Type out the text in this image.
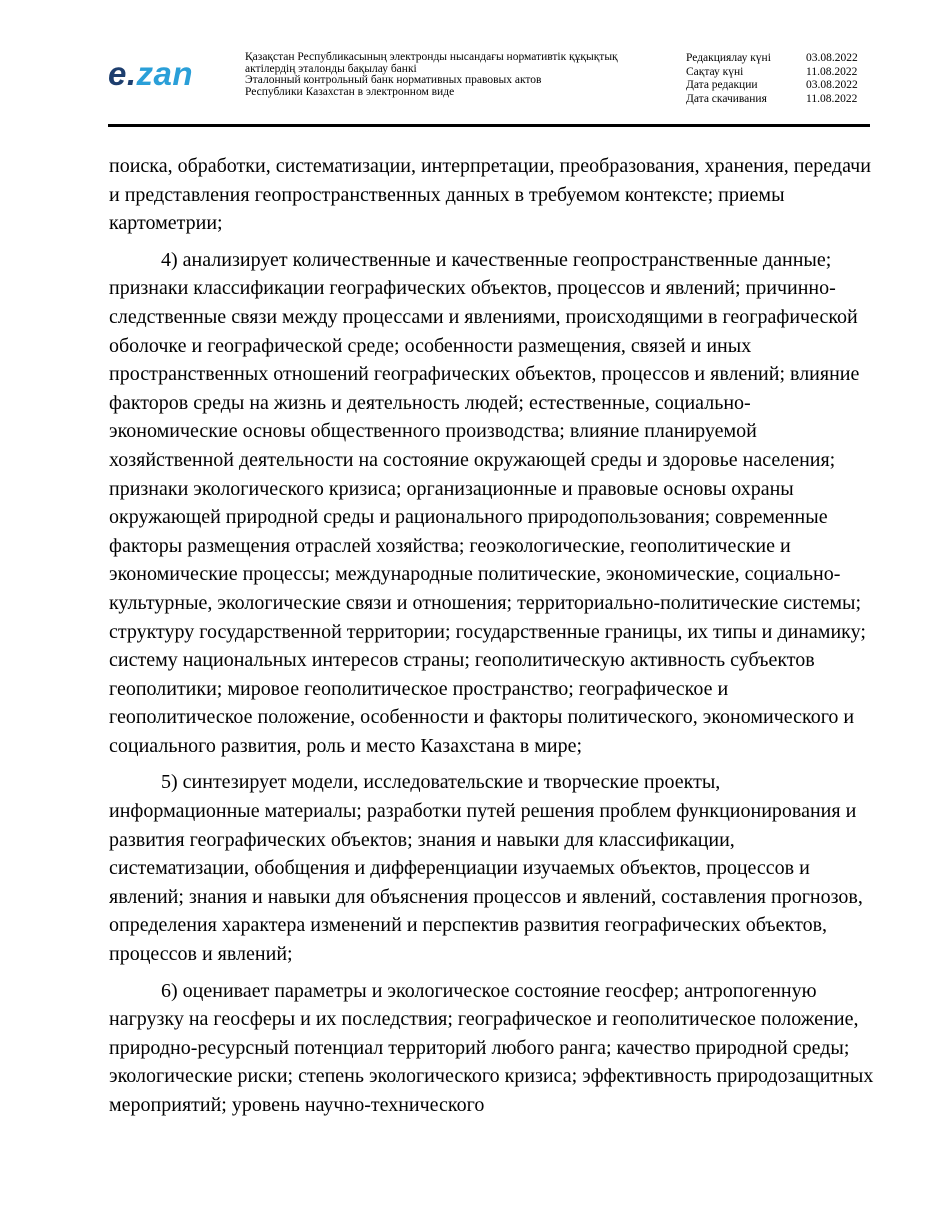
e.zan	Қазақстан Республикасының электронды нысандағы нормативтік құқықтық
актілердің эталонды бақылау банкі
Эталонный контрольный банк нормативных правовых актов
Республики Казахстан в электронном виде
Редакциялау күні	03.08.2022
Сақтау күні	11.08.2022
Дата редакции	03.08.2022
Дата скачивания	11.08.2022

поиска, обработки, систематизации, интерпретации, преобразования, хранения, передачи и представления геопространственных данных в требуемом контексте; приемы картометрии;

4) анализирует количественные и качественные геопространственные данные; признаки классификации географических объектов, процессов и явлений; причинно-следственные связи между процессами и явлениями, происходящими в географической оболочке и географической среде; особенности размещения, связей и иных пространственных отношений географических объектов, процессов и явлений; влияние факторов среды на жизнь и деятельность людей; естественные, социально-экономические основы общественного производства; влияние планируемой хозяйственной деятельности на состояние окружающей среды и здоровье населения; признаки экологического кризиса; организационные и правовые основы охраны окружающей природной среды и рационального природопользования; современные факторы размещения отраслей хозяйства; геоэкологические, геополитические и экономические процессы; международные политические, экономические, социально-культурные, экологические связи и отношения; территориально-политические системы; структуру государственной территории; государственные границы, их типы и динамику; систему национальных интересов страны; геополитическую активность субъектов геополитики; мировое геополитическое пространство; географическое и геополитическое положение, особенности и факторы политического, экономического и социального развития, роль и место Казахстана в мире;

5) синтезирует модели, исследовательские и творческие проекты, информационные материалы; разработки путей решения проблем функционирования и развития географических объектов; знания и навыки для классификации, систематизации, обобщения и дифференциации изучаемых объектов, процессов и явлений; знания и навыки для объяснения процессов и явлений, составления прогнозов, определения характера изменений и перспектив развития географических объектов, процессов и явлений;

6) оценивает параметры и экологическое состояние геосфер; антропогенную нагрузку на геосферы и их последствия; географическое и геополитическое положение, природно-ресурсный потенциал территорий любого ранга; качество природной среды; экологические риски; степень экологического кризиса; эффективность природозащитных мероприятий; уровень научно-технического
